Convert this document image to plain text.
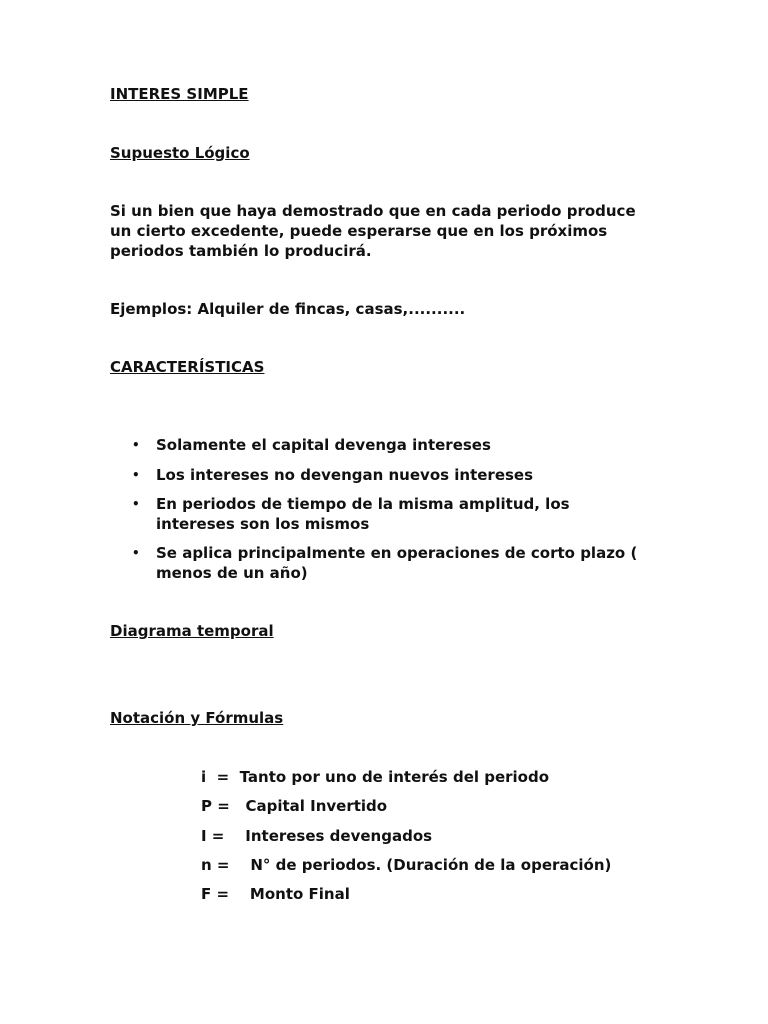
INTERES SIMPLE

Supuesto Lógico

Si un bien que haya demostrado que en cada periodo produce
un cierto excedente, puede esperarse que en los próximos
periodos también lo producirá.

Ejemplos: Alquiler de fincas, casas,..........

CARACTERÍSTICAS

• Solamente el capital devenga intereses
• Los intereses no devengan nuevos intereses
• En periodos de tiempo de la misma amplitud, los
intereses son los mismos
• Se aplica principalmente en operaciones de corto plazo (
menos de un año)

Diagrama temporal

Notación y Fórmulas

i  =  Tanto por uno de interés del periodo
P =   Capital Invertido
I =    Intereses devengados
n =    N° de periodos. (Duración de la operación)
F =    Monto Final
